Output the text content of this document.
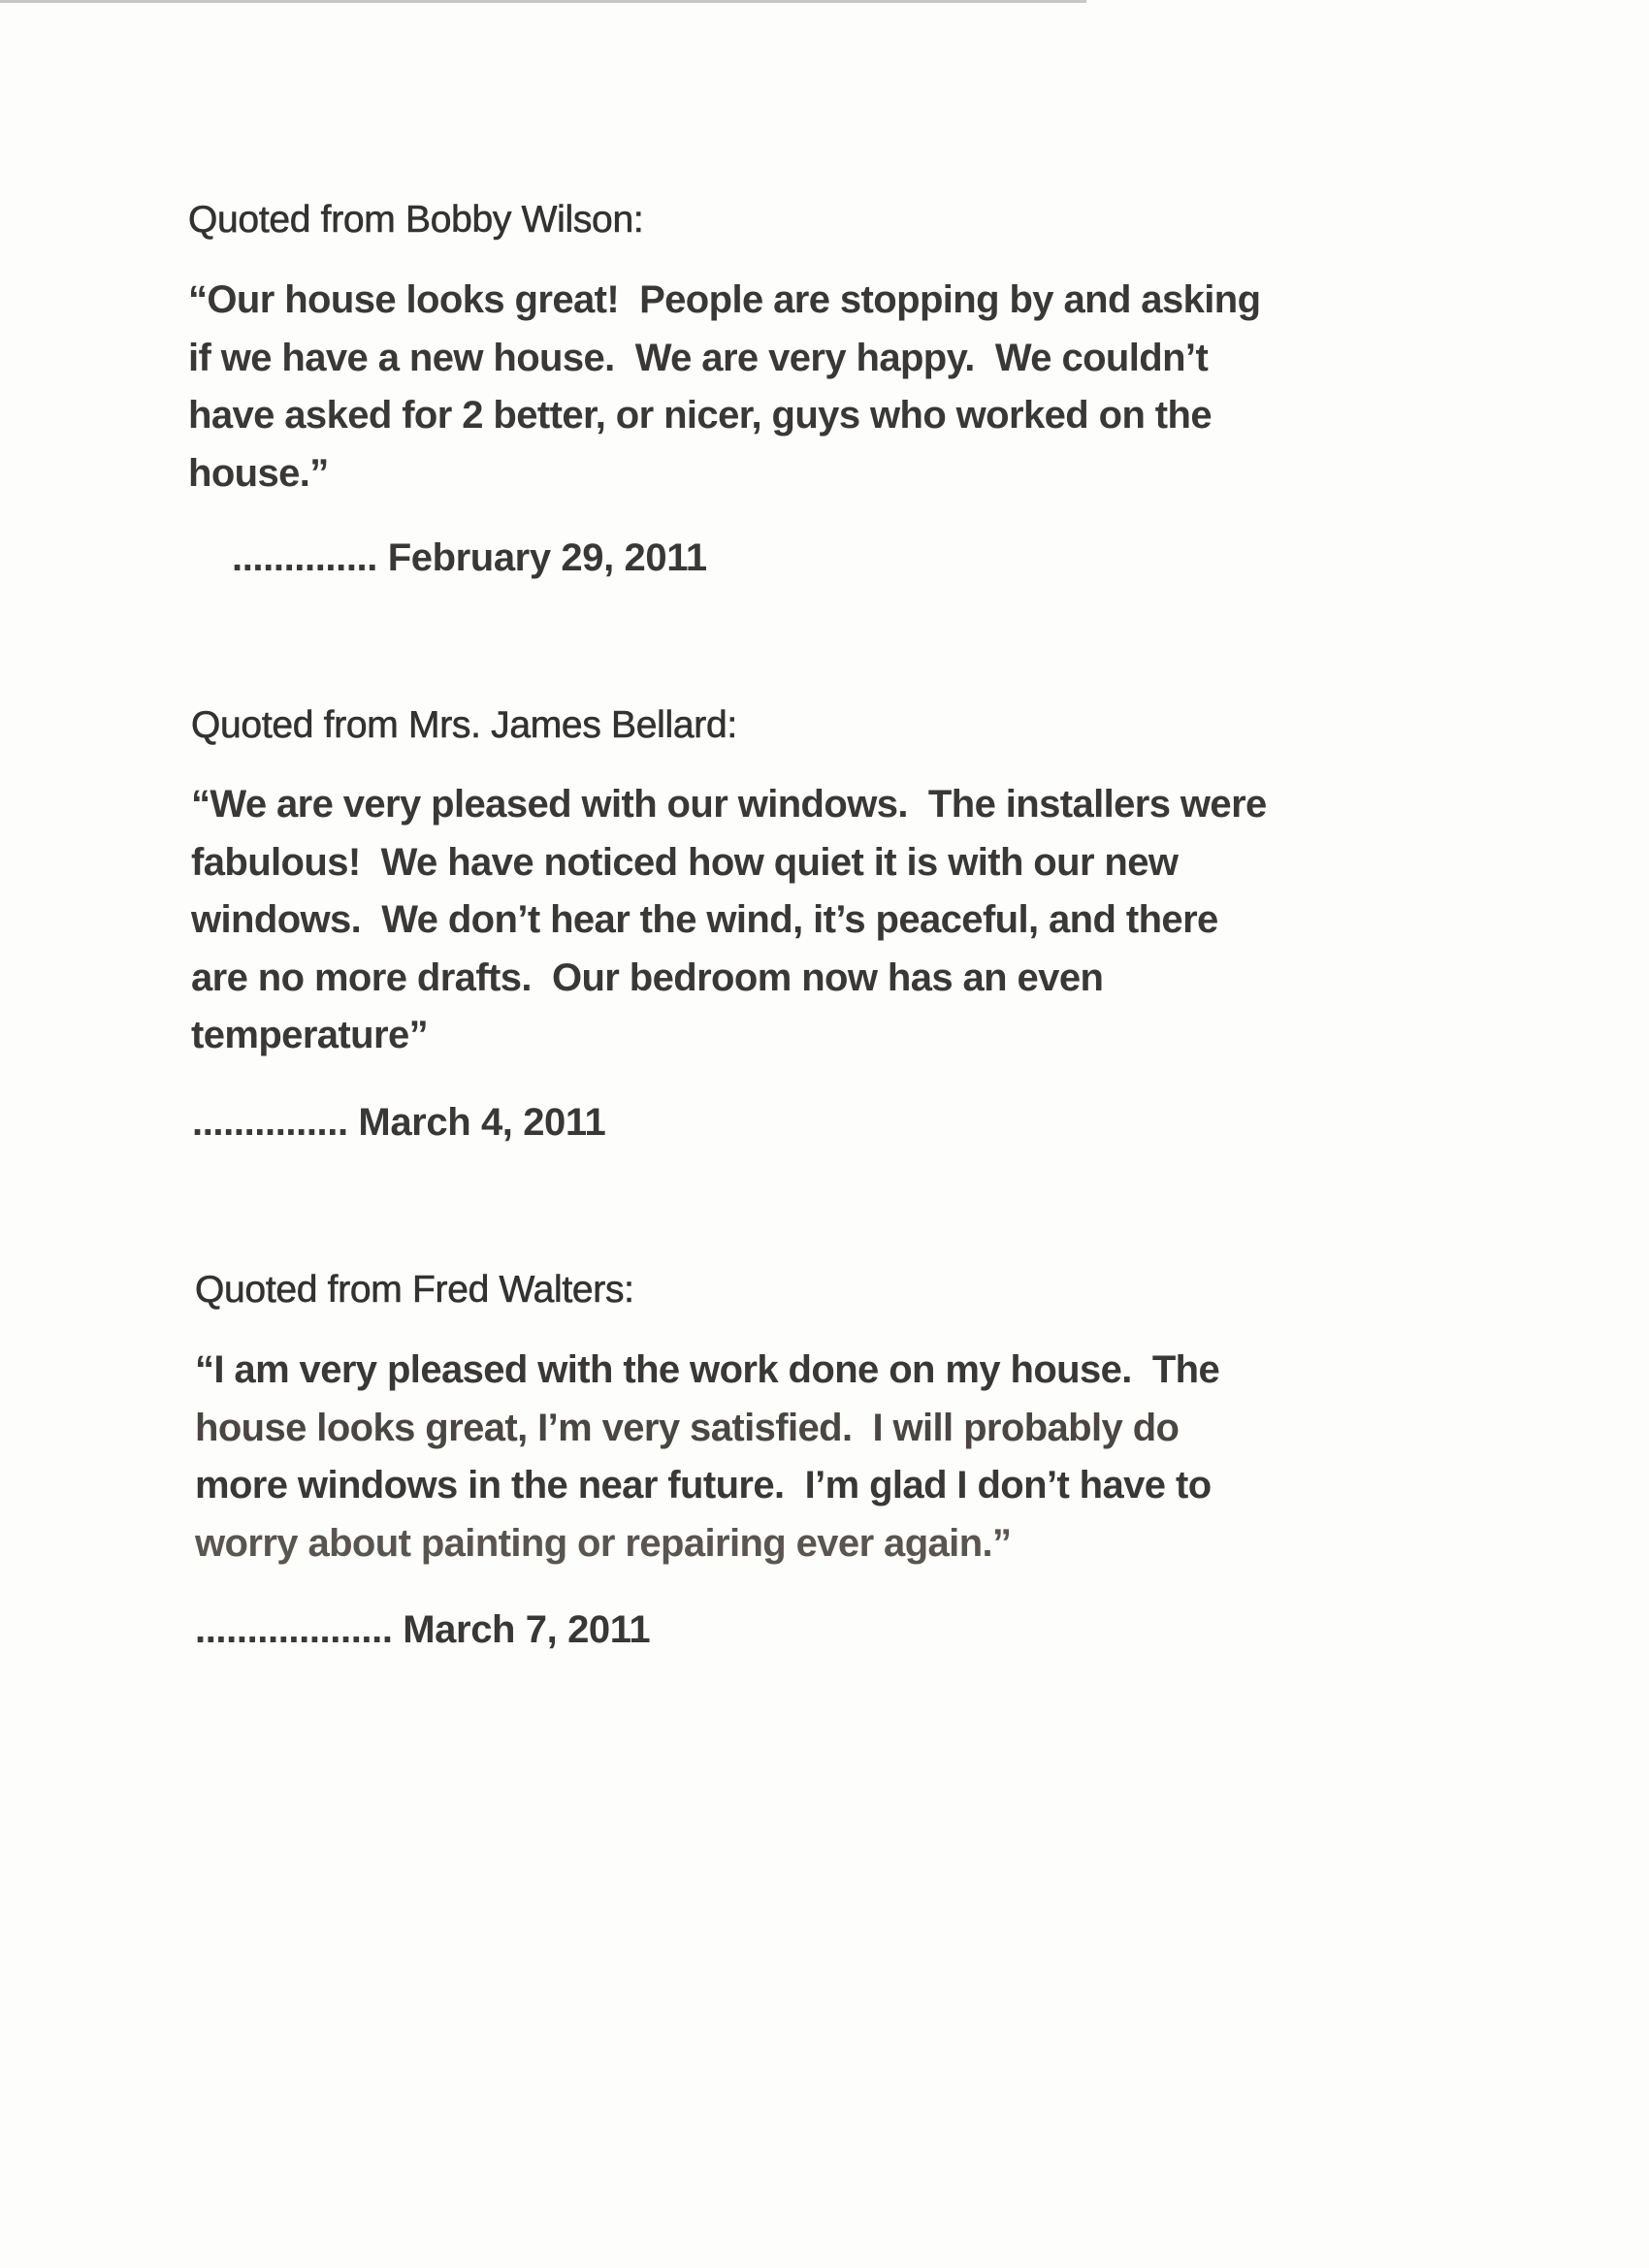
Quoted from Bobby Wilson:
“Our house looks great!  People are stopping by and asking
if we have a new house.  We are very happy.  We couldn’t
have asked for 2 better, or nicer, guys who worked on the
house.”
.............. February 29, 2011
Quoted from Mrs. James Bellard:
“We are very pleased with our windows.  The installers were
fabulous!  We have noticed how quiet it is with our new
windows.  We don’t hear the wind, it’s peaceful, and there
are no more drafts.  Our bedroom now has an even
temperature”
............... March 4, 2011
Quoted from Fred Walters:
“I am very pleased with the work done on my house.  The
house looks great, I’m very satisfied.  I will probably do
more windows in the near future.  I’m glad I don’t have to
worry about painting or repairing ever again.”
................... March 7, 2011
